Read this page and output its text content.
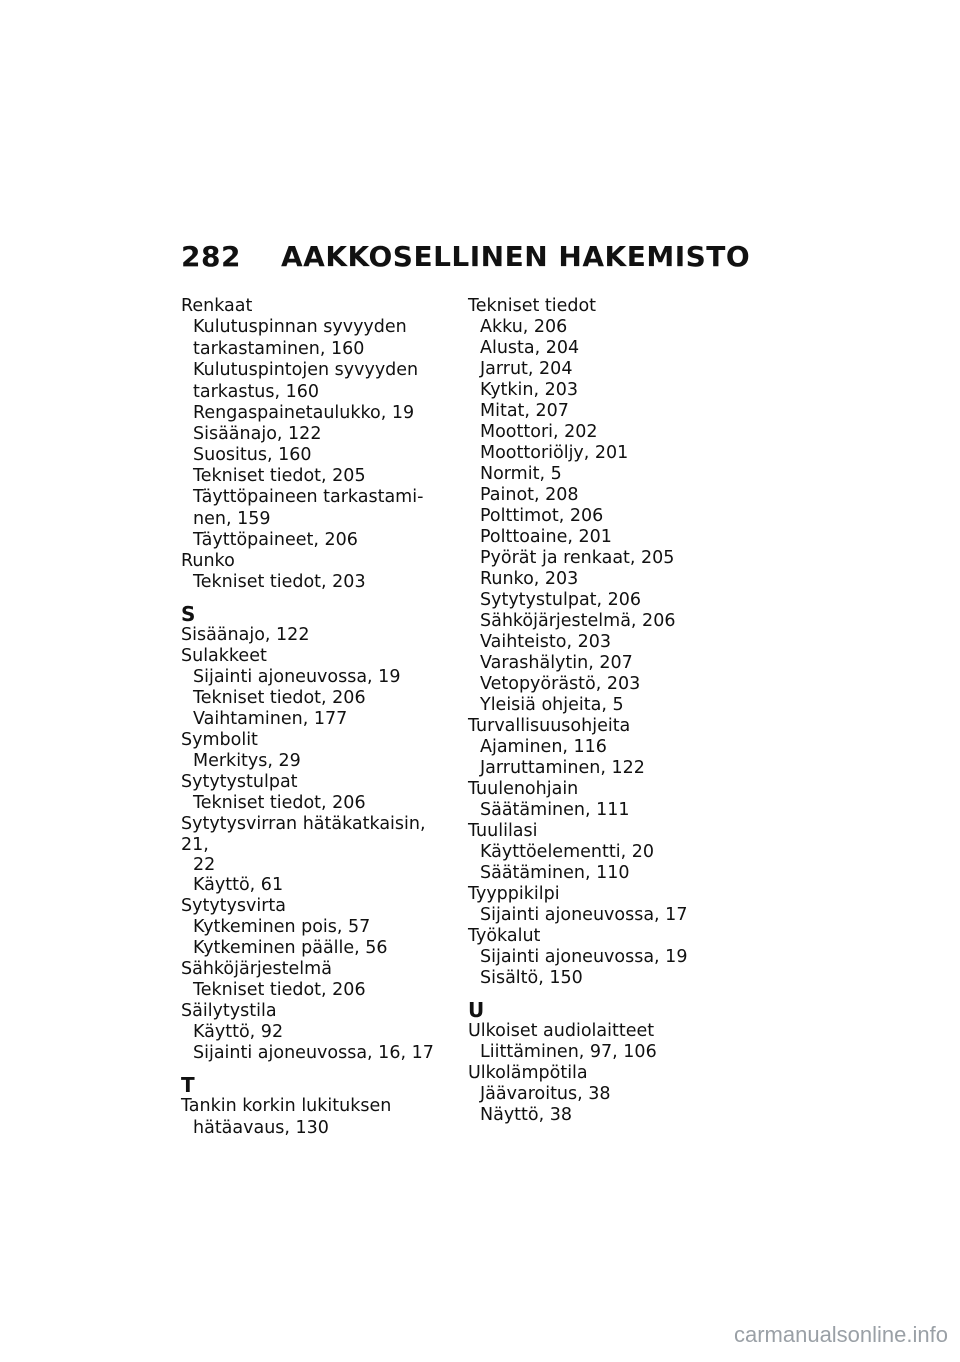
282 AAKKOSELLINEN HAKEMISTO
Renkaat
Kulutuspinnan syvyyden
tarkastaminen, 160
Kulutuspintojen syvyyden
tarkastus, 160
Rengaspainetaulukko, 19
Sisäänajo, 122
Suositus, 160
Tekniset tiedot, 205
Täyttöpaineen tarkastami-
nen, 159
Täyttöpaineet, 206
Runko
Tekniset tiedot, 203
S
Sisäänajo, 122
Sulakkeet
Sijainti ajoneuvossa, 19
Tekniset tiedot, 206
Vaihtaminen, 177
Symbolit
Merkitys, 29
Sytytystulpat
Tekniset tiedot, 206
Sytytysvirran hätäkatkaisin, 21,
22
Käyttö, 61
Sytytysvirta
Kytkeminen pois, 57
Kytkeminen päälle, 56
Sähköjärjestelmä
Tekniset tiedot, 206
Säilytystila
Käyttö, 92
Sijainti ajoneuvossa, 16, 17
T
Tankin korkin lukituksen
hätäavaus, 130
Tekniset tiedot
Akku, 206
Alusta, 204
Jarrut, 204
Kytkin, 203
Mitat, 207
Moottori, 202
Moottoriöljy, 201
Normit, 5
Painot, 208
Polttimot, 206
Polttoaine, 201
Pyörät ja renkaat, 205
Runko, 203
Sytytystulpat, 206
Sähköjärjestelmä, 206
Vaihteisto, 203
Varashälytin, 207
Vetopyörästö, 203
Yleisiä ohjeita, 5
Turvallisuusohjeita
Ajaminen, 116
Jarruttaminen, 122
Tuulenohjain
Säätäminen, 111
Tuulilasi
Käyttöelementti, 20
Säätäminen, 110
Tyyppikilpi
Sijainti ajoneuvossa, 17
Työkalut
Sijainti ajoneuvossa, 19
Sisältö, 150
U
Ulkoiset audiolaitteet
Liittäminen, 97, 106
Ulkolämpötila
Jäävaroitus, 38
Näyttö, 38
carmanualsonline.info
